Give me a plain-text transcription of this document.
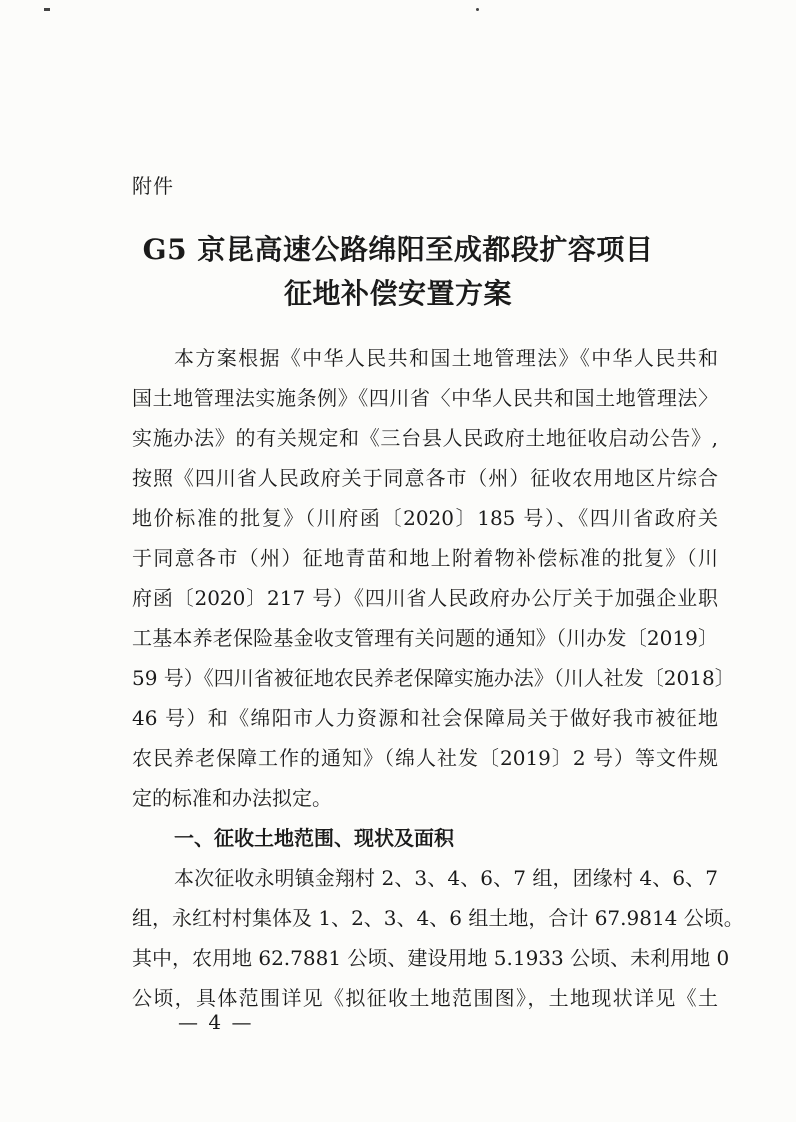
附件
G5 京昆高速公路绵阳至成都段扩容项目
征地补偿安置方案
本方案根据《中华人民共和国土地管理法》《中华人民共和
国土地管理法实施条例》《四川省〈中华人民共和国土地管理法〉
实施办法》的有关规定和《三台县人民政府土地征收启动公告》,
按照《四川省人民政府关于同意各市（州）征收农用地区片综合
地价标准的批复》（川府函〔2020〕185 号）、《四川省政府关
于同意各市（州）征地青苗和地上附着物补偿标准的批复》（川
府函〔2020〕217 号）《四川省人民政府办公厅关于加强企业职
工基本养老保险基金收支管理有关问题的通知》（川办发〔2019〕
59 号）《四川省被征地农民养老保障实施办法》（川人社发〔2018〕
46 号）和《绵阳市人力资源和社会保障局关于做好我市被征地
农民养老保障工作的通知》（绵人社发〔2019〕2 号）等文件规
定的标准和办法拟定。
一、征收土地范围、现状及面积
本次征收永明镇金翔村 2、3、4、6、7 组，团缘村 4、6、7
组，永红村村集体及 1、2、3、4、6 组土地，合计 67.9814 公顷。
其中，农用地 62.7881 公顷、建设用地 5.1933 公顷、未利用地 0
公顷，具体范围详见《拟征收土地范围图》，土地现状详见《土
— 4 —
